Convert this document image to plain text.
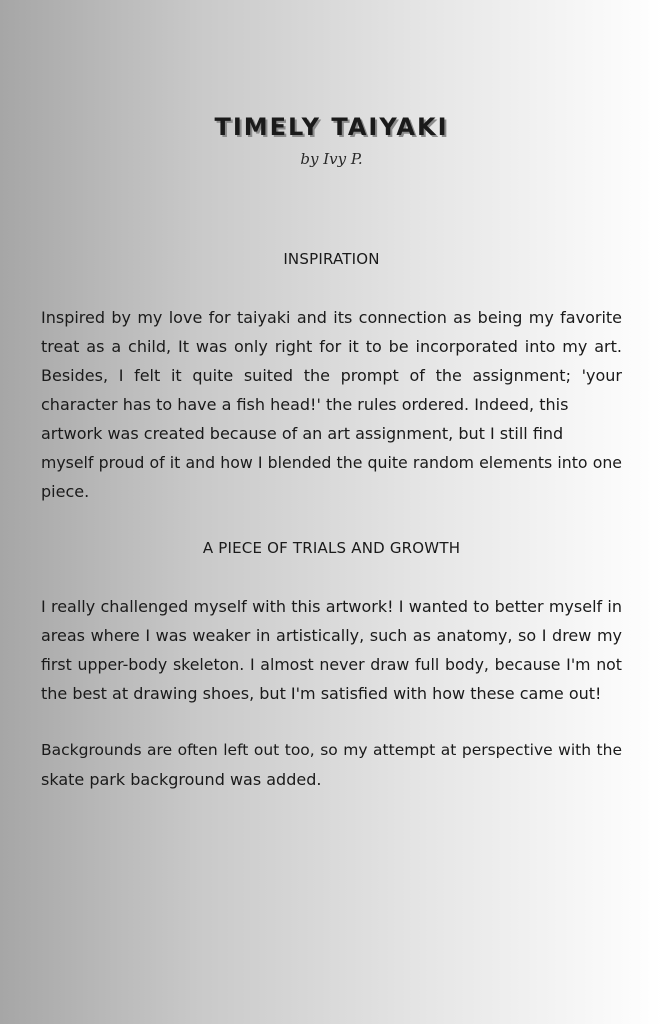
TIMELY TAIYAKI
by Ivy P.
INSPIRATION
Inspired by my love for taiyaki and its connection as being my favorite
treat as a child, It was only right for it to be incorporated into my art.
Besides, I felt it quite suited the prompt of the assignment; 'your
character has to have a fish head!' the rules ordered. Indeed, this
artwork was created because of an art assignment, but I still find
myself proud of it and how I blended the quite random elements into one
piece.
A PIECE OF TRIALS AND GROWTH
I really challenged myself with this artwork! I wanted to better myself in
areas where I was weaker in artistically, such as anatomy, so I drew my
first upper-body skeleton. I almost never draw full body, because I'm not
the best at drawing shoes, but I'm satisfied with how these came out!
Backgrounds are often left out too, so my attempt at perspective with the
skate park background was added.
